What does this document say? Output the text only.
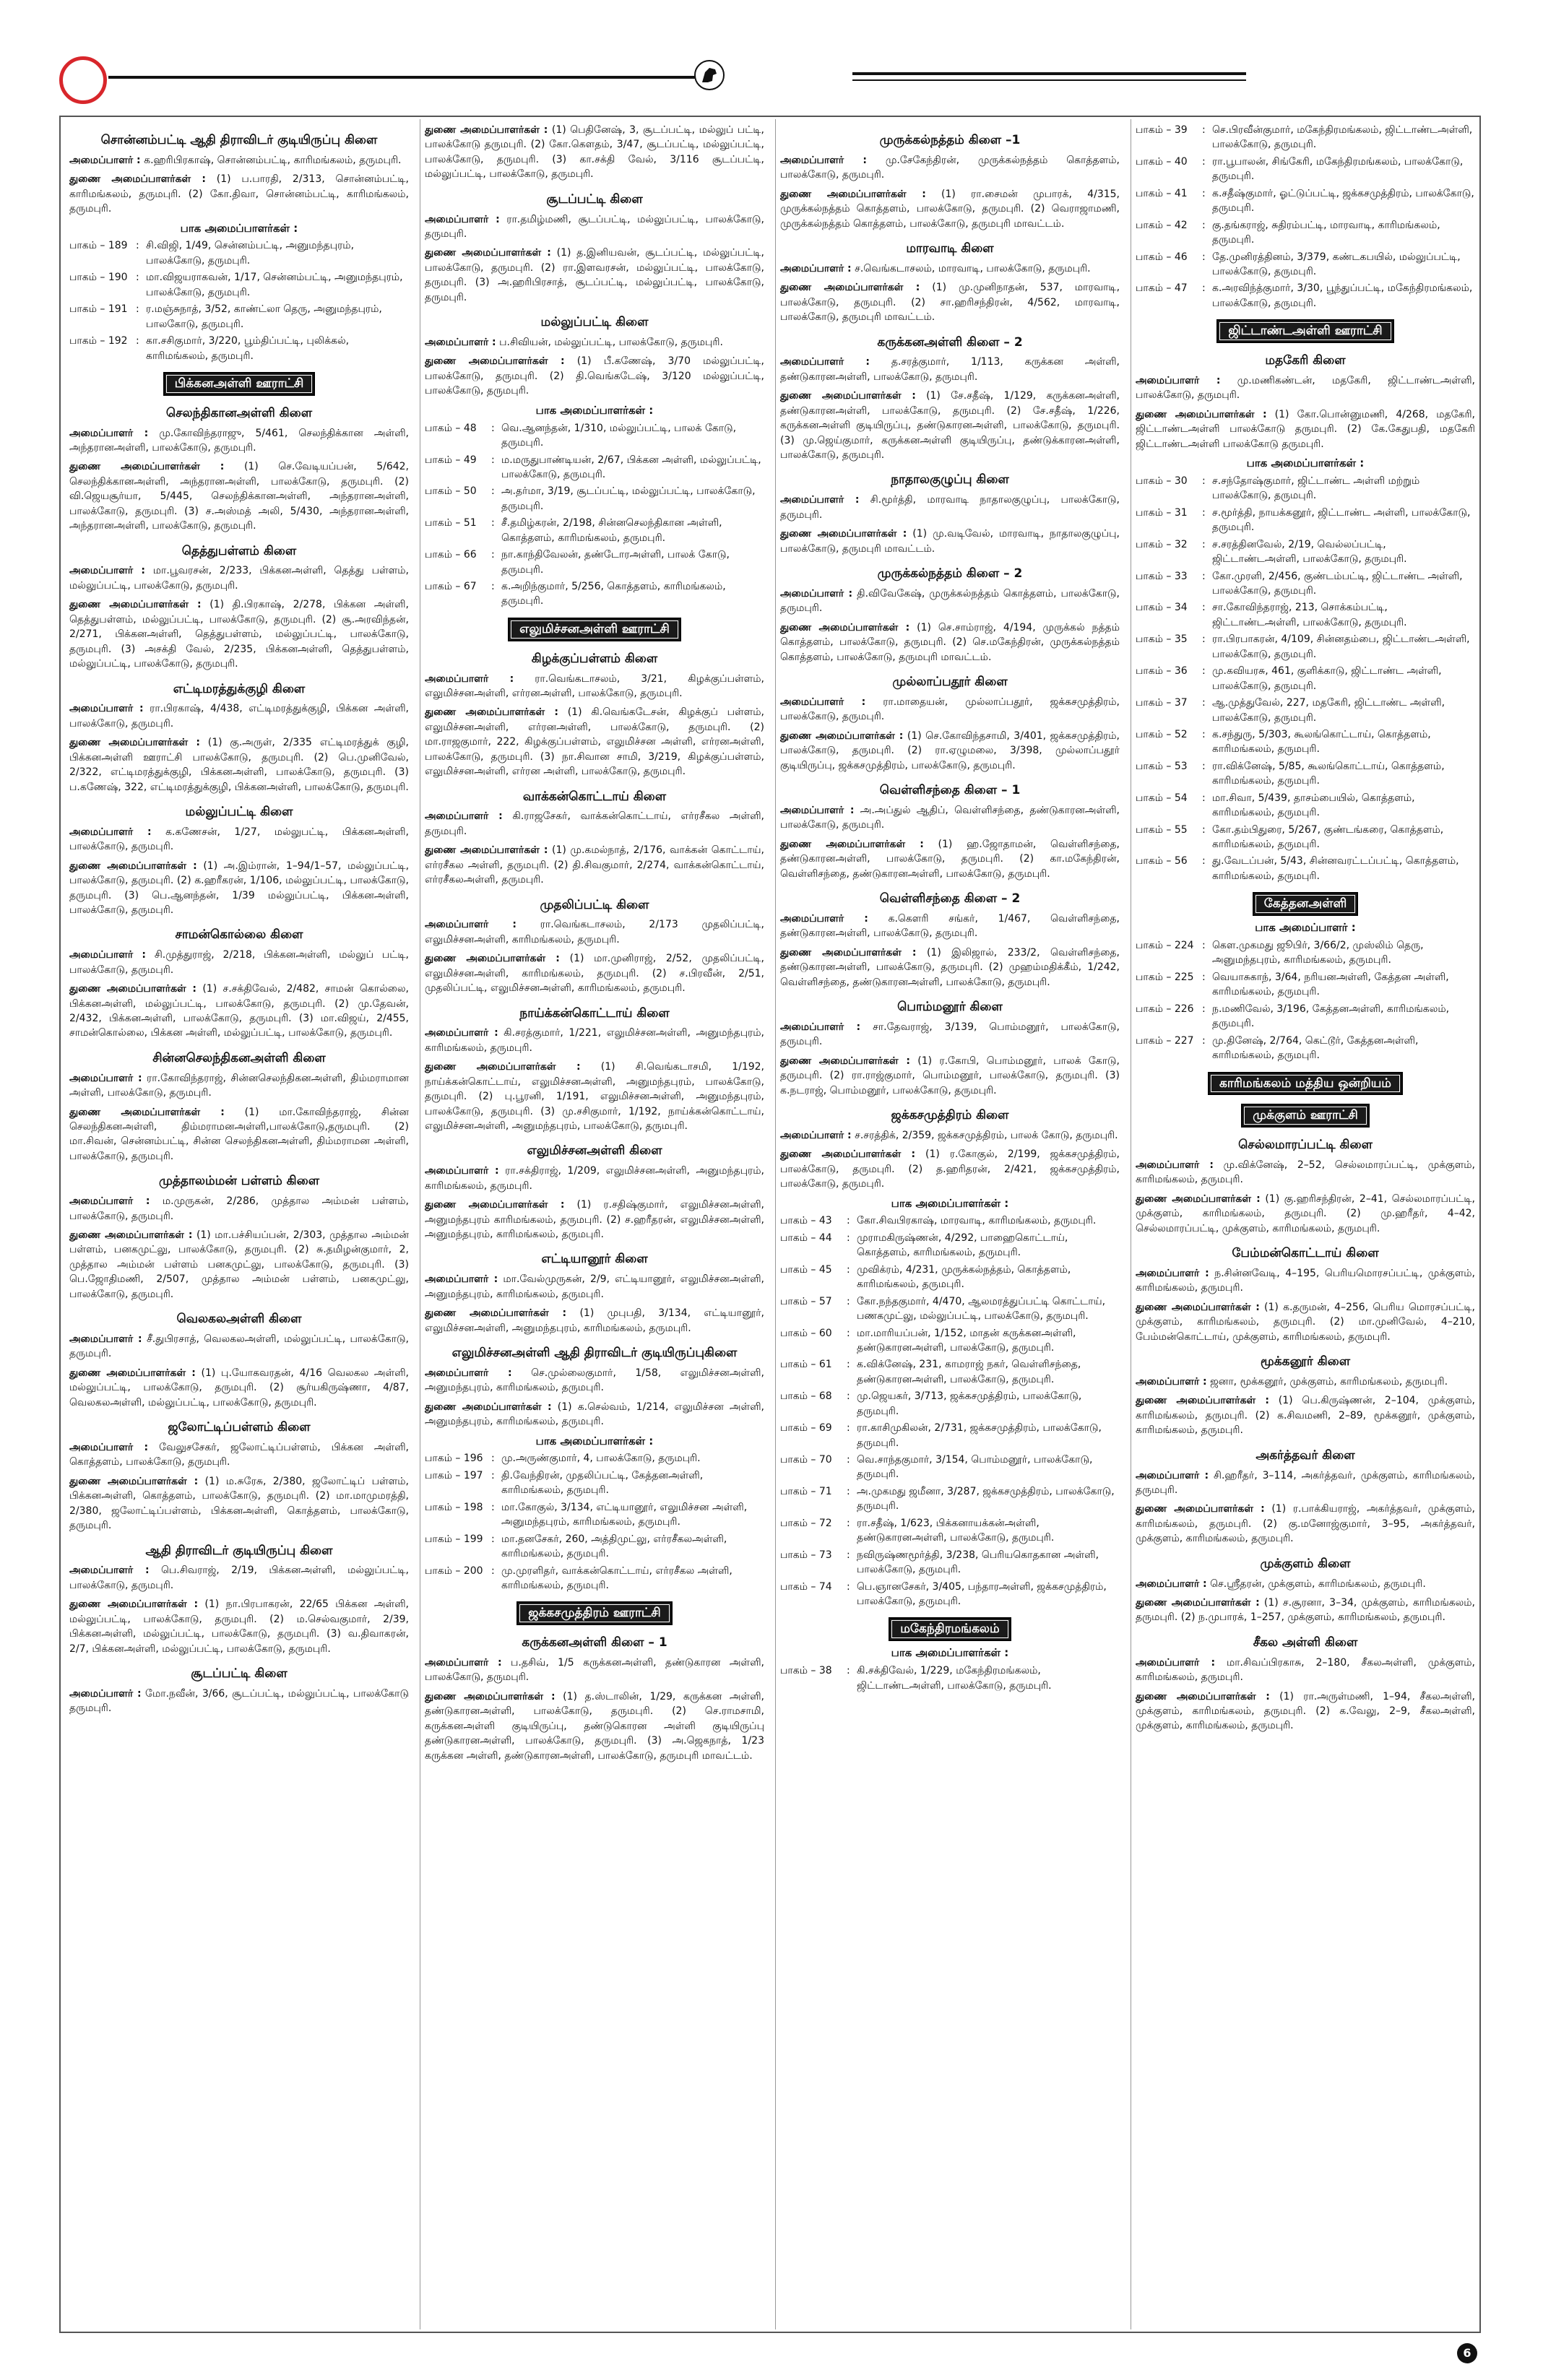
சொன்னம்பட்டி ஆதி திராவிடர் குடியிருப்பு கிளை
அமைப்பாளர் : க.ஹரிபிரகாஷ், சொன்னம்பட்டி, காரிமங்கலம், தருமபுரி.
துணை அமைப்பாளர்கள் : (1) ப.பாரதி, 2/313, சொன்னம்பட்டி, காரிமங்கலம், தருமபுரி. (2) கோ.திவா, சொன்னம்பட்டி, காரிமங்கலம், தருமபுரி.
பாக அமைப்பாளர்கள் :
பாகம் – 189 : சி.விஜி, 1/49, சென்னம்பட்டி, அனுமந்தபுரம், பாலக்கோடு, தருமபுரி.
பாகம் – 190 : மா.விஜயராகவன், 1/17, சென்னம்பட்டி, அனுமந்தபுரம், பாலக்கோடு, தருமபுரி.
பாகம் – 191 : ர.மஞ்சுநாத், 3/52, காண்ட்லா தெரு, அனுமந்தபுரம், பாலகோடு, தருமபுரி.
பாகம் – 192 : கா.சசிகுமார், 3/220, பூம்திப்பட்டி, புலிக்கல், காரிமங்கலம், தருமபுரி.
பிக்கனஅள்ளி ஊராட்சி
செலந்திகானஅள்ளி கிளை
அமைப்பாளர் : மு.கோவிந்தராஜு, 5/461, செலந்திக்கான அள்ளி, அந்தரானஅள்ளி, பாலக்கோடு, தருமபுரி.
துணை அமைப்பாளர்கள் : (1) செ.வேடியப்பன், 5/642, செலந்திக்கானஅள்ளி, அந்தரானஅள்ளி, பாலக்கோடு, தருமபுரி. (2) வி.ஜெயசூர்யா, 5/445, செலந்திக்கானஅள்ளி, அந்தரானஅள்ளி, பாலக்கோடு, தருமபுரி. (3) ச.அஸ்மத் அலி, 5/430, அந்தரானஅள்ளி, அந்தரானஅள்ளி, பாலக்கோடு, தருமபுரி.
தெத்துபள்ளம் கிளை
அமைப்பாளர் : மா.பூவரசன், 2/233, பிக்கனஅள்ளி, தெத்து பள்ளம், மல்லுப்பட்டி, பாலக்கோடு, தருமபுரி.
துணை அமைப்பாளர்கள் : (1) தி.பிரகாஷ், 2/278, பிக்கன அள்ளி, தெத்துபள்ளம், மல்லுப்பட்டி, பாலக்கோடு, தருமபுரி. (2) சூ.அரவிந்தன், 2/271, பிக்கனஅள்ளி, தெத்துபள்ளம், மல்லுப்பட்டி, பாலக்கோடு, தருமபுரி. (3) அசக்தி வேல், 2/235, பிக்கனஅள்ளி, தெத்துபள்ளம், மல்லுப்பட்டி, பாலக்கோடு, தருமபுரி.
எட்டிமரத்துக்குழி கிளை
அமைப்பாளர் : ரா.பிரகாஷ், 4/438, எட்டிமரத்துக்குழி, பிக்கன அள்ளி, பாலக்கோடு, தருமபுரி.
துணை அமைப்பாளர்கள் : (1) கு.அருள், 2/335 எட்டிமரத்துக் குழி, பிக்கனஅள்ளி ஊராட்சி பாலக்கோடு, தருமபுரி. (2) பெ.முனிவேல், 2/322, எட்டிமரத்துக்குழி, பிக்கனஅள்ளி, பாலக்கோடு, தருமபுரி. (3) ப.கணேஷ், 322, எட்டிமரத்துக்குழி, பிக்கனஅள்ளி, பாலக்கோடு, தருமபுரி.
மல்லுப்பட்டி கிளை
அமைப்பாளர் : க.கணேசன், 1/27, மல்லுபட்டி, பிக்கனஅள்ளி, பாலக்கோடு, தருமபுரி.
துணை அமைப்பாளர்கள் : (1) அ.இம்ரான், 1–94/1–57, மல்லுப்பட்டி, பாலக்கோடு, தருமபுரி. (2) க.ஹரீகரன், 1/106, மல்லுப்பட்டி, பாலக்கோடு, தருமபுரி. (3) பெ.ஆனந்தன், 1/39 மல்லுப்பட்டி, பிக்கனஅள்ளி, பாலக்கோடு, தருமபுரி.
சாமன்கொல்லை கிளை
அமைப்பாளர் : சி.முத்துராஜ், 2/218, பிக்கனஅள்ளி, மல்லுப் பட்டி, பாலக்கோடு, தருமபுரி.
துணை அமைப்பாளர்கள் : (1) ச.சக்திவேல், 2/482, சாமன் கொல்லை, பிக்கனஅள்ளி, மல்லுப்பட்டி, பாலக்கோடு, தருமபுரி. (2) மு.தேவன், 2/432, பிக்கனஅள்ளி, பாலக்கோடு, தருமபுரி. (3) மா.விஜய், 2/455, சாமன்கொல்லை, பிக்கன அள்ளி, மல்லுப்பட்டி, பாலக்கோடு, தருமபுரி.
சின்னசெலந்திகனஅள்ளி கிளை
அமைப்பாளர் : ரா.கோவிந்தராஜ், சின்னசெலந்திகனஅள்ளி, திம்மராமான அள்ளி, பாலக்கோடு, தருமபுரி.
துணை அமைப்பாளர்கள் : (1) மா.கோவிந்தராஜ், சின்ன செலந்திகனஅள்ளி, திம்மராமனஅள்ளி,பாலக்கோடு,தருமபுரி. (2) மா.சிவன், சென்னம்பட்டி, சின்ன செலந்திகனஅள்ளி, திம்மராமன அள்ளி, பாலக்கோடு, தருமபுரி.
முத்தாலம்மன் பள்ளம் கிளை
அமைப்பாளர் : ம.முருகன், 2/286, முத்தால அம்மன் பள்ளம், பாலக்கோடு, தருமபுரி.
துணை அமைப்பாளர்கள் : (1) மா.பச்சியப்பன், 2/303, முத்தால அம்மன் பள்ளம், பனகமுட்லு, பாலக்கோடு, தருமபுரி. (2) சு.தமிழன்குமார், 2, முத்தால அம்மன் பள்ளம் பனகமுட்லு, பாலக்கோடு, தருமபுரி. (3) பெ.ஜோதிமணி, 2/507, முத்தால அம்மன் பள்ளம், பனகமுட்லு, பாலக்கோடு, தருமபுரி.
வெலகலஅள்ளி கிளை
அமைப்பாளர் : சீ.துபிரசாத், வெலகலஅள்ளி, மல்லுப்பட்டி, பாலக்கோடு, தருமபுரி.
துணை அமைப்பாளர்கள் : (1) பு.யோகவரதன், 4/16 வெலகல அள்ளி, மல்லுப்பட்டி, பாலக்கோடு, தருமபுரி. (2) சூர்யகிருஷ்ணா, 4/87, வெலகலஅள்ளி, மல்லுப்பட்டி, பாலக்கோடு, தருமபுரி.
ஜலோட்டிப்பள்ளம் கிளை
அமைப்பாளர் : வேலுசசேகர், ஜலோட்டிப்பள்ளம், பிக்கன அள்ளி, கொத்தளம், பாலக்கோடு, தருமபுரி.
துணை அமைப்பாளர்கள் : (1) ம.சுரேசு, 2/380, ஜலோட்டிப் பள்ளம், பிக்கனஅள்ளி, கொத்தளம், பாலக்கோடு, தருமபுரி. (2) மா.மாமுமரத்தி, 2/380, ஜலோட்டிப்பள்ளம், பிக்கனஅள்ளி, கொத்தளம், பாலக்கோடு, தருமபுரி.
ஆதி திராவிடர் குடியிருப்பு கிளை
அமைப்பாளர் : பெ.சிவராஜ், 2/19, பிக்கனஅள்ளி, மல்லுப்பட்டி, பாலக்கோடு, தருமபுரி.
துணை அமைப்பாளர்கள் : (1) நா.பிரபாகரன், 22/65 பிக்கன அள்ளி, மல்லுப்பட்டி, பாலக்கோடு, தருமபுரி. (2) ம.செல்வகுமார், 2/39, பிக்கனஅள்ளி, மல்லுப்பட்டி, பாலக்கோடு, தருமபுரி. (3) வ.திவாகரன், 2/7, பிக்கனஅள்ளி, மல்லுப்பட்டி, பாலக்கோடு, தருமபுரி.
சூடப்பட்டி கிளை
அமைப்பாளர் : மோ.நவீன், 3/66, சூடப்பட்டி, மல்லுப்பட்டி, பாலக்கோடு தருமபுரி.
துணை அமைப்பாளர்கள் : (1) பெதினேஷ், 3, சூடப்பட்டி, மல்லுப் பட்டி, பாலக்கோடு தருமபுரி. (2) கோ.கௌதம், 3/47, சூடப்பட்டி, மல்லுப்பட்டி, பாலக்கோடு, தருமபுரி. (3) கா.சக்தி வேல், 3/116 சூடப்பட்டி, மல்லுப்பட்டி, பாலக்கோடு, தருமபுரி.
சூடப்பட்டி கிளை
அமைப்பாளர் : ரா.தமிழ்மணி, சூடப்பட்டி, மல்லுப்பட்டி, பாலக்கோடு, தருமபுரி.
துணை அமைப்பாளர்கள் : (1) த.இனியவன், சூடப்பட்டி, மல்லுப்பட்டி, பாலக்கோடு, தருமபுரி. (2) ரா.இளவரசன், மல்லுப்பட்டி, பாலக்கோடு, தருமபுரி. (3) அ.ஹரிபிரசாத், சூடப்பட்டி, மல்லுப்பட்டி, பாலக்கோடு, தருமபுரி.
மல்லுப்பட்டி கிளை
அமைப்பாளர் : ப.சிவியன், மல்லுப்பட்டி, பாலக்கோடு, தருமபுரி.
துணை அமைப்பாளர்கள் : (1) பீ.கணேஷ், 3/70 மல்லுப்பட்டி, பாலக்கோடு, தருமபுரி. (2) தி.வெங்கடேஷ், 3/120 மல்லுப்பட்டி, பாலக்கோடு, தருமபுரி.
பாக அமைப்பாளர்கள் :
பாகம் – 48	: வெ.ஆனந்தன், 1/310, மல்லுப்பட்டி, பாலக் கோடு, தருமபுரி.
பாகம் – 49	: ம.மருதுபாண்டியன், 2/67, பிக்கன அள்ளி, மல்லுப்பட்டி, பாலக்கோடு, தருமபுரி.
பாகம் – 50	: அ.தர்மா, 3/19, சூடப்பட்டி, மல்லுப்பட்டி, பாலக்கோடு, தருமபுரி.
பாகம் – 51	: சீ.தமிழ்கரன், 2/198, சின்னசெலந்திகான அள்ளி, கொத்தளம், காரிமங்கலம், தருமபுரி.
பாகம் – 66	: நா.காந்திவேலன், தண்டோரஅள்ளி, பாலக் கோடு, தருமபுரி.
பாகம் – 67	: க.அறிந்குமார், 5/256, கொத்தளம், காரிமங்கலம், தருமபுரி.
எலுமிச்சனஅள்ளி ஊராட்சி
கிழக்குப்பள்ளம் கிளை
அமைப்பாளர் : ரா.வெங்கடாசலம், 3/21, கிழக்குப்பள்ளம், எலுமிச்சனஅள்ளி, எர்ரனஅள்ளி, பாலக்கோடு, தருமபுரி.
துணை அமைப்பாளர்கள் : (1) கி.வெங்கடேசன், கிழக்குப் பள்ளம், எலுமிச்சனஅள்ளி, எர்ரனஅள்ளி, பாலக்கோடு, தருமபுரி. (2) மா.ராஜகுமார், 222, கிழக்குப்பள்ளம், எலுமிச்சன அள்ளி, எர்ரனஅள்ளி, பாலக்கோடு, தருமபுரி. (3) நா.சிவான சாமி, 3/219, கிழக்குப்பள்ளம், எலுமிச்சனஅள்ளி, எர்ரன அள்ளி, பாலக்கோடு, தருமபுரி.
வாக்கன்கொட்டாய் கிளை
அமைப்பாளர் : கி.ராஜசேகர், வாக்கன்கொட்டாய், எர்ரசீகல அள்ளி, தருமபுரி.
துணை அமைப்பாளர்கள் : (1) மு.கமல்நாத், 2/176, வாக்கன் கொட்டாய், எர்ரசீகல அள்ளி, தருமபுரி. (2) தி.சிவகுமார், 2/274, வாக்கன்கொட்டாய், எர்ரசீகலஅள்ளி, தருமபுரி.
முதலிப்பட்டி கிளை
அமைப்பாளர் : ரா.வெங்கடாசலம், 2/173 முதலிப்பட்டி, எலுமிச்சனஅள்ளி, காரிமங்கலம், தருமபுரி.
துணை அமைப்பாளர்கள் : (1) மா.முனிராஜ், 2/52, முதலிப்பட்டி, எலுமிச்சனஅள்ளி, காரிமங்கலம், தருமபுரி. (2) ச.பிரவீன், 2/51, முதலிப்பட்டி, எலுமிச்சனஅள்ளி, காரிமங்கலம், தருமபுரி.
நாய்க்கன்கொட்டாய் கிளை
அமைப்பாளர் : கி.சரத்குமார், 1/221, எலுமிச்சனஅள்ளி, அனுமந்தபுரம், காரிமங்கலம், தருமபுரி.
துணை அமைப்பாளர்கள் : (1) சி.வெங்கடாசமி, 1/192, நாய்க்கன்கொட்டாய், எலுமிச்சனஅள்ளி, அனுமந்தபுரம், பாலக்கோடு, தருமபுரி. (2) பு.பூரனி, 1/191, எலுமிச்சனஅள்ளி, அனுமந்தபுரம், பாலக்கோடு, தருமபுரி. (3) மு.சசிகுமார், 1/192, நாய்க்கன்கொட்டாய், எலுமிச்சனஅள்ளி, அனுமந்தபுரம், பாலக்கோடு, தருமபுரி.
எலுமிச்சனஅள்ளி கிளை
அமைப்பாளர் : ரா.சக்திராஜ், 1/209, எலுமிச்சனஅள்ளி, அனுமந்தபுரம், காரிமங்கலம், தருமபுரி.
துணை அமைப்பாளர்கள் : (1) ர.சதிஷ்குமார், எலுமிச்சனஅள்ளி, அனுமந்தபுரம் காரிமங்கலம், தருமபுரி. (2) ச.ஹரீதரன், எலுமிச்சனஅள்ளி, அனுமந்தபுரம், காரிமங்கலம், தருமபுரி.
எட்டியானூர் கிளை
அமைப்பாளர் : மா.வேல்முருகன், 2/9, எட்டியானூர், எலுமிச்சனஅள்ளி, அனுமந்தபுரம், காரிமங்கலம், தருமபுரி.
துணை அமைப்பாளர்கள் : (1) முபுபதி, 3/134, எட்டியானூர், எலுமிச்சனஅள்ளி, அனுமந்தபுரம், காரிமங்கலம், தருமபுரி.
எலுமிச்சனஅள்ளி ஆதி திராவிடர் குடியிருப்புகிளை
அமைப்பாளர் : செ.முல்லைகுமார், 1/58, எலுமிச்சனஅள்ளி, அனுமந்தபுரம், காரிமங்கலம், தருமபுரி.
துணை அமைப்பாளர்கள் : (1) க.செல்வம், 1/214, எலுமிச்சன அள்ளி, அனுமந்தபுரம், காரிமங்கலம், தருமபுரி.
பாக அமைப்பாளர்கள் :
பாகம் – 196 : மு.அருண்குமார், 4, பாலக்கோடு, தருமபுரி.
பாகம் – 197 : தி.வேந்திரன், முதலிப்பட்டி, கேத்தனஅள்ளி, காரிமங்கலம், தருமபுரி.
பாகம் – 198 : மா.கோகுல், 3/134, எட்டியானூர், எலுமிச்சன அள்ளி, அனுமந்தபுரம், காரிமங்கலம், தருமபுரி.
பாகம் – 199 : மா.தனசேகர், 260, அத்திமுட்லு, எர்ரசீகலஅள்ளி, காரிமங்கலம், தருமபுரி.
பாகம் – 200 : மு.முரளிதர், வாக்கன்கொட்டாய், எர்ரசீகல அள்ளி, காரிமங்கலம், தருமபுரி.
ஜக்கசமுத்திரம் ஊராட்சி
கருக்கனஅள்ளி கிளை – 1
அமைப்பாளர் : ப.தசிவ், 1/5 கருக்கனஅள்ளி, தண்டுகாரன அள்ளி, பாலக்கோடு, தருமபுரி.
துணை அமைப்பாளர்கள் : (1) த.ஸ்டாலின், 1/29, கருக்கன அள்ளி, தண்டுகாரனஅள்ளி, பாலக்கோடு, தருமபுரி. (2) செ.ராமசாமி, கருக்கனஅள்ளி குடியிருப்பு, தண்டுகொரன அள்ளி குடியிருப்பு தண்டுகாரனஅள்ளி, பாலக்கோடு, தருமபுரி. (3) அ.ஜெகநாத், 1/23 கருக்கன அள்ளி, தண்டுகாரனஅள்ளி, பாலக்கோடு, தருமபுரி மாவட்டம்.
முருக்கல்நத்தம் கிளை –1
அமைப்பாளர் : மு.சேகேந்திரன், முருக்கல்நத்தம் கொத்தளம், பாலக்கோடு, தருமபுரி.
துணை அமைப்பாளர்கள் : (1) ரா.சைமன் முபாரக், 4/315, முருக்கல்நத்தம் கொத்தளம், பாலக்கோடு, தருமபுரி. (2) வெராஜாமணி, முருக்கல்நத்தம் கொத்தளம், பாலக்கோடு, தருமபுரி மாவட்டம்.
மாரவாடி கிளை
அமைப்பாளர் : ச.வெங்கடாசலம், மாரவாடி, பாலக்கோடு, தருமபுரி.
துணை அமைப்பாளர்கள் : (1) மு.முனிநாதன், 537, மாரவாடி, பாலக்கோடு, தருமபுரி. (2) சா.ஹரிசந்திரன், 4/562, மாரவாடி, பாலக்கோடு, தருமபுரி மாவட்டம்.
கருக்கனஅள்ளி கிளை – 2
அமைப்பாளர் : த.சரத்குமார், 1/113, கருக்கன அள்ளி, தண்டுகாரனஅள்ளி, பாலக்கோடு, தருமபுரி.
துணை அமைப்பாளர்கள் : (1) சே.சதீஷ், 1/129, கருக்கனஅள்ளி, தண்டுகாரனஅள்ளி, பாலக்கோடு, தருமபுரி. (2) சே.சதீஷ், 1/226, கருக்கனஅள்ளி குடியிருப்பு, தண்டுகாரனஅள்ளி, பாலக்கோடு, தருமபுரி. (3) மு.ஜெய்குமார், கருக்கனஅள்ளி குடியிருப்பு, தண்டுக்காரனஅள்ளி, பாலக்கோடு, தருமபுரி.
நாதாலகுழுப்பு கிளை
அமைப்பாளர் : சி.மூர்த்தி, மாரவாடி நாதாலகுழுப்பு, பாலக்கோடு, தருமபுரி.
துணை அமைப்பாளர்கள் : (1) மு.வடிவேல், மாரவாடி, நாதாலகுழுப்பு, பாலக்கோடு, தருமபுரி மாவட்டம்.
முருக்கல்நத்தம் கிளை – 2
அமைப்பாளர் : தி.விவேகேஷ், முருக்கல்நத்தம் கொத்தளம், பாலக்கோடு, தருமபுரி.
துணை அமைப்பாளர்கள் : (1) செ.சாம்ராஜ், 4/194, முருக்கல் நத்தம் கொத்தளம், பாலக்கோடு, தருமபுரி. (2) செ.மகேந்திரன், முருக்கல்நத்தம் கொத்தளம், பாலக்கோடு, தருமபுரி மாவட்டம்.
முல்லாப்பதூர் கிளை
அமைப்பாளர் : ரா.மாதையன், முல்லாப்பதூர், ஜக்கசமுத்திரம், பாலக்கோடு, தருமபுரி.
துணை அமைப்பாளர்கள் : (1) செ.கோவிந்தசாமி, 3/401, ஜக்கசமுத்திரம், பாலக்கோடு, தருமபுரி. (2) ரா.ஏழுமலை, 3/398, முல்லாப்பதூர் குடியிருப்பு, ஜக்கசமுத்திரம், பாலக்கோடு, தருமபுரி.
வெள்ளிசந்தை கிளை – 1
அமைப்பாளர் : அ.அப்துல் ஆதிப், வெள்ளிசந்தை, தண்டுகாரனஅள்ளி, பாலக்கோடு, தருமபுரி.
துணை அமைப்பாளர்கள் : (1) ஹ.ஜோதாமன், வெள்ளிசந்தை, தண்டுகாரனஅள்ளி, பாலக்கோடு, தருமபுரி. (2) கா.மகேந்திரன், வெள்ளிசந்தை, தண்டுகாரனஅள்ளி, பாலக்கோடு, தருமபுரி.
வெள்ளிசந்தை கிளை – 2
அமைப்பாளர் : க.கௌரி சங்கர், 1/467, வெள்ளிசந்தை, தண்டுகாரனஅள்ளி, பாலக்கோடு, தருமபுரி.
துணை அமைப்பாளர்கள் : (1) இலிஜால், 233/2, வெள்ளிசந்தை, தண்டுகாரனஅள்ளி, பாலக்கோடு, தருமபுரி. (2) முஹம்மதிக்கீம், 1/242, வெள்ளிசந்தை, தண்டுகாரனஅள்ளி, பாலக்கோடு, தருமபுரி.
பொம்மனூர் கிளை
அமைப்பாளர் : சா.தேவராஜ், 3/139, பொம்மனூர், பாலக்கோடு, தருமபுரி.
துணை அமைப்பாளர்கள் : (1) ர.கோபி, பொம்மனூர், பாலக் கோடு, தருமபுரி. (2) ரா.ராஜ்குமார், பொம்மனூர், பாலக்கோடு, தருமபுரி. (3) க.நடராஜ், பொம்மனூர், பாலக்கோடு, தருமபுரி.
ஜக்கசமுத்திரம் கிளை
அமைப்பாளர் : ச.சரத்திக், 2/359, ஜக்கசமுத்திரம், பாலக் கோடு, தருமபுரி.
துணை அமைப்பாளர்கள் : (1) ர.கோகுல், 2/199, ஜக்கசமுத்திரம், பாலக்கோடு, தருமபுரி. (2) த.ஹரிதரன், 2/421, ஜக்கசமுத்திரம், பாலக்கோடு, தருமபுரி.
பாக அமைப்பாளர்கள் :
பாகம் – 43	: கோ.சிவபிரகாஷ், மாரவாடி, காரிமங்கலம், தருமபுரி.
பாகம் – 44	: முராமகிருஷ்ணன், 4/292, பாஹைகொட்டாய், கொத்தளம், காரிமங்கலம், தருமபுரி.
பாகம் – 45	: முவிக்ரம், 4/231, முருக்கல்நத்தம், கொத்தளம், காரிமங்கலம், தருமபுரி.
பாகம் – 57	: கோ.நந்தகுமார், 4/470, ஆலமரத்துப்பட்டி கொட்டாய், பணகமுட்லு, மல்லுப்பட்டி, பாலக்கோடு, தருமபுரி.
பாகம் – 60	: மா.மாரியப்பன், 1/152, மாதன் கருக்கனஅள்ளி, தண்டுகாரனஅள்ளி, பாலக்கோடு, தருமபுரி.
பாகம் – 61	: க.விக்னேஷ், 231, காமராஜ் நகர், வெள்ளிசந்தை, தண்டுகாரனஅள்ளி, பாலக்கோடு, தருமபுரி.
பாகம் – 68	: மு.ஜெயகர், 3/713, ஜக்கசமுத்திரம், பாலக்கோடு, தருமபுரி.
பாகம் – 69	: ரா.காசிமுகிலன், 2/731, ஜக்கசமுத்திரம், பாலக்கோடு, தருமபுரி.
பாகம் – 70	: வெ.சாந்தகுமார், 3/154, பொம்மனூர், பாலக்கோடு, தருமபுரி.
பாகம் – 71	: அ.முகமது ஜமீனா, 3/287, ஜக்கசமுத்திரம், பாலக்கோடு, தருமபுரி.
பாகம் – 72	: ரா.சதீஷ், 1/623, பிக்கனாயக்கன்அள்ளி, தண்டுகாரனஅள்ளி, பாலக்கோடு, தருமபுரி.
பாகம் – 73	: நவிருஷ்ணமூர்த்தி, 3/238, பெரியகொதகான அள்ளி, பாலக்கோடு, தருமபுரி.
பாகம் – 74	: பெ.ஞானசேகர், 3/405, பந்தாரஅள்ளி, ஜக்கசமுத்திரம், பாலக்கோடு, தருமபுரி.
மகேந்திரமங்கலம்
பாக அமைப்பாளர்கள் :
பாகம் – 38	: கி.சக்திவேல், 1/229, மகேந்திரமங்கலம், ஜிட்டாண்டஅள்ளி, பாலக்கோடு, தருமபுரி.
பாகம் – 39	: செ.பிரவீன்குமார், மகேந்திரமங்கலம், ஜிட்டாண்டஅள்ளி, பாலக்கோடு, தருமபுரி.
பாகம் – 40	: ரா.பூபாலன், சிங்கேரி, மகேந்திரமங்கலம், பாலக்கோடு, தருமபுரி.
பாகம் – 41	: க.சதீஷ்குமார், ஓட்டுப்பட்டி, ஜக்கசமுத்திரம், பாலக்கோடு, தருமபுரி.
பாகம் – 42	: கு.தங்கராஜ், சுதிரம்பட்டி, மாரவாடி, காரிமங்கலம், தருமபுரி.
பாகம் – 46	: தே.முனிரத்தினம், 3/379, கண்டகபயில், மல்லுப்பட்டி, பாலக்கோடு, தருமபுரி.
பாகம் – 47	: க.அரவிந்த்குமார், 3/30, பூந்துப்பட்டி, மகேந்திரமங்கலம், பாலக்கோடு, தருமபுரி.
ஜிட்டாண்டஅள்ளி ஊராட்சி
மதகேரி கிளை
அமைப்பாளர் : மு.மணிகண்டன், மதகேரி, ஜிட்டாண்டஅள்ளி, பாலக்கோடு, தருமபுரி.
துணை அமைப்பாளர்கள் : (1) கோ.பொன்னுமணி, 4/268, மதகேரி, ஜிட்டாண்டஅள்ளி பாலக்கோடு தருமபுரி. (2) கே.கேதுபதி, மதகேரி ஜிட்டாண்டஅள்ளி பாலக்கோடு தருமபுரி.
பாக அமைப்பாளர்கள் :
பாகம் – 30	: ச.சந்தோஷ்குமார், ஜிட்டாண்ட அள்ளி மற்றும் பாலக்கோடு, தருமபுரி.
பாகம் – 31	: ச.மூர்த்தி, நாயக்கனூர், ஜிட்டாண்ட அள்ளி, பாலக்கோடு, தருமபுரி.
பாகம் – 32	: ச.சரத்தினவேல், 2/19, வெல்லப்பட்டி, ஜிட்டாண்டஅள்ளி, பாலக்கோடு, தருமபுரி.
பாகம் – 33	: கோ.முரளி, 2/456, குண்டம்பட்டி, ஜிட்டாண்ட அள்ளி, பாலக்கோடு, தருமபுரி.
பாகம் – 34	: சா.கோவிந்தராஜ், 213, சொக்கம்பட்டி, ஜிட்டாண்டஅள்ளி, பாலக்கோடு, தருமபுரி.
பாகம் – 35	: ரா.பிரபாகரன், 4/109, சின்னதம்பை, ஜிட்டாண்டஅள்ளி, பாலக்கோடு, தருமபுரி.
பாகம் – 36	: மு.கவியரசு, 461, குளிக்காடு, ஜிட்டாண்ட அள்ளி, பாலக்கோடு, தருமபுரி.
பாகம் – 37	: ஆ.முத்துவேல், 227, மதகேரி, ஜிட்டாண்ட அள்ளி, பாலக்கோடு, தருமபுரி.
பாகம் – 52	: க.சந்துரு, 5/303, கூலங்கொட்டாய், கொத்தளம், காரிமங்கலம், தருமபுரி.
பாகம் – 53	: ரா.விக்னேஷ், 5/85, கூலங்கொட்டாய், கொத்தளம், காரிமங்கலம், தருமபுரி.
பாகம் – 54	: மா.சிவா, 5/439, தாசம்பையில், கொத்தளம், காரிமங்கலம், தருமபுரி.
பாகம் – 55	: கோ.தம்பிதுரை, 5/267, குண்டங்கரை, கொத்தளம், காரிமங்கலம், தருமபுரி.
பாகம் – 56	: து.வேடப்பன், 5/43, சின்னவரட்டப்பட்டி, கொத்தளம், காரிமங்கலம், தருமபுரி.
கேத்தனஅள்ளி
பாக அமைப்பாளர் :
பாகம் – 224 : கௌ.முகமது ஜூபிர், 3/66/2, முஸ்லிம் தெரு, அனுமந்தபுரம், காரிமங்கலம், தருமபுரி.
பாகம் – 225 : வெயாசுகாந், 3/64, நரியனஅள்ளி, கேத்தன அள்ளி, காரிமங்கலம், தருமபுரி.
பாகம் – 226 : ந.மணிவேல், 3/196, கேத்தனஅள்ளி, காரிமங்கலம், தருமபுரி.
பாகம் – 227 : மு.தினேஷ், 2/764, கெட்டூர், கேத்தனஅள்ளி, காரிமங்கலம், தருமபுரி.
காரிமங்கலம் மத்திய ஒன்றியம்
முக்குளம் ஊராட்சி
செல்லமாரப்பட்டி கிளை
அமைப்பாளர் : மு.விக்னேஷ், 2–52, செல்லமாரப்பட்டி, முக்குளம், காரிமங்கலம், தருமபுரி.
துணை அமைப்பாளர்கள் : (1) கு.ஹரிசந்திரன், 2–41, செல்லமாரப்பட்டி, முக்குளம், காரிமங்கலம், தருமபுரி. (2) மு.ஹரீதர், 4–42, செல்லமாரப்பட்டி, முக்குளம், காரிமங்கலம், தருமபுரி.
பேம்மன்கொட்டாய் கிளை
அமைப்பாளர் : ந.சின்னவேடி, 4–195, பெரியமொரசப்பட்டி, முக்குளம், காரிமங்கலம், தருமபுரி.
துணை அமைப்பாளர்கள் : (1) க.தருமன், 4–256, பெரிய மொரசப்பட்டி, முக்குளம், காரிமங்கலம், தருமபுரி. (2) மா.முனிவேல், 4–210, பேம்மன்கொட்டாய், முக்குளம், காரிமங்கலம், தருமபுரி.
மூக்கனூர் கிளை
அமைப்பாளர் : ஜனா, மூக்கனூர், முக்குளம், காரிமங்கலம், தருமபுரி.
துணை அமைப்பாளர்கள் : (1) பெ.கிருஷ்ணன், 2–104, முக்குளம், காரிமங்கலம், தருமபுரி. (2) க.சிவமணி, 2–89, மூக்கனூர், முக்குளம், காரிமங்கலம், தருமபுரி.
அகர்த்தவர் கிளை
அமைப்பாளர் : சி.ஹரீதர், 3–114, அகர்த்தவர், முக்குளம், காரிமங்கலம், தருமபுரி.
துணை அமைப்பாளர்கள் : (1) ர.பாக்கியராஜ், அகர்த்தவர், முக்குளம், காரிமங்கலம், தருமபுரி. (2) கு.மனோஜ்குமார், 3–95, அகர்த்தவர், முக்குளம், காரிமங்கலம், தருமபுரி.
முக்குளம் கிளை
அமைப்பாளர் : செ.ஸ்ரீதரன், முக்குளம், காரிமங்கலம், தருமபுரி.
துணை அமைப்பாளர்கள் : (1) ச.சூரனா, 3–34, முக்குளம், காரிமங்கலம், தருமபுரி. (2) ந.முபாரக், 1–257, முக்குளம், காரிமங்கலம், தருமபுரி.
சீகல அள்ளி கிளை
அமைப்பாளர் : மா.சிவப்பிரகாசு, 2–180, சீகலஅள்ளி, முக்குளம், காரிமங்கலம், தருமபுரி.
துணை அமைப்பாளர்கள் : (1) ரா.அருள்மணி, 1–94, சீகலஅள்ளி, முக்குளம், காரிமங்கலம், தருமபுரி. (2) க.வேலு, 2–9, சீகலஅள்ளி, முக்குளம், காரிமங்கலம், தருமபுரி.
6
